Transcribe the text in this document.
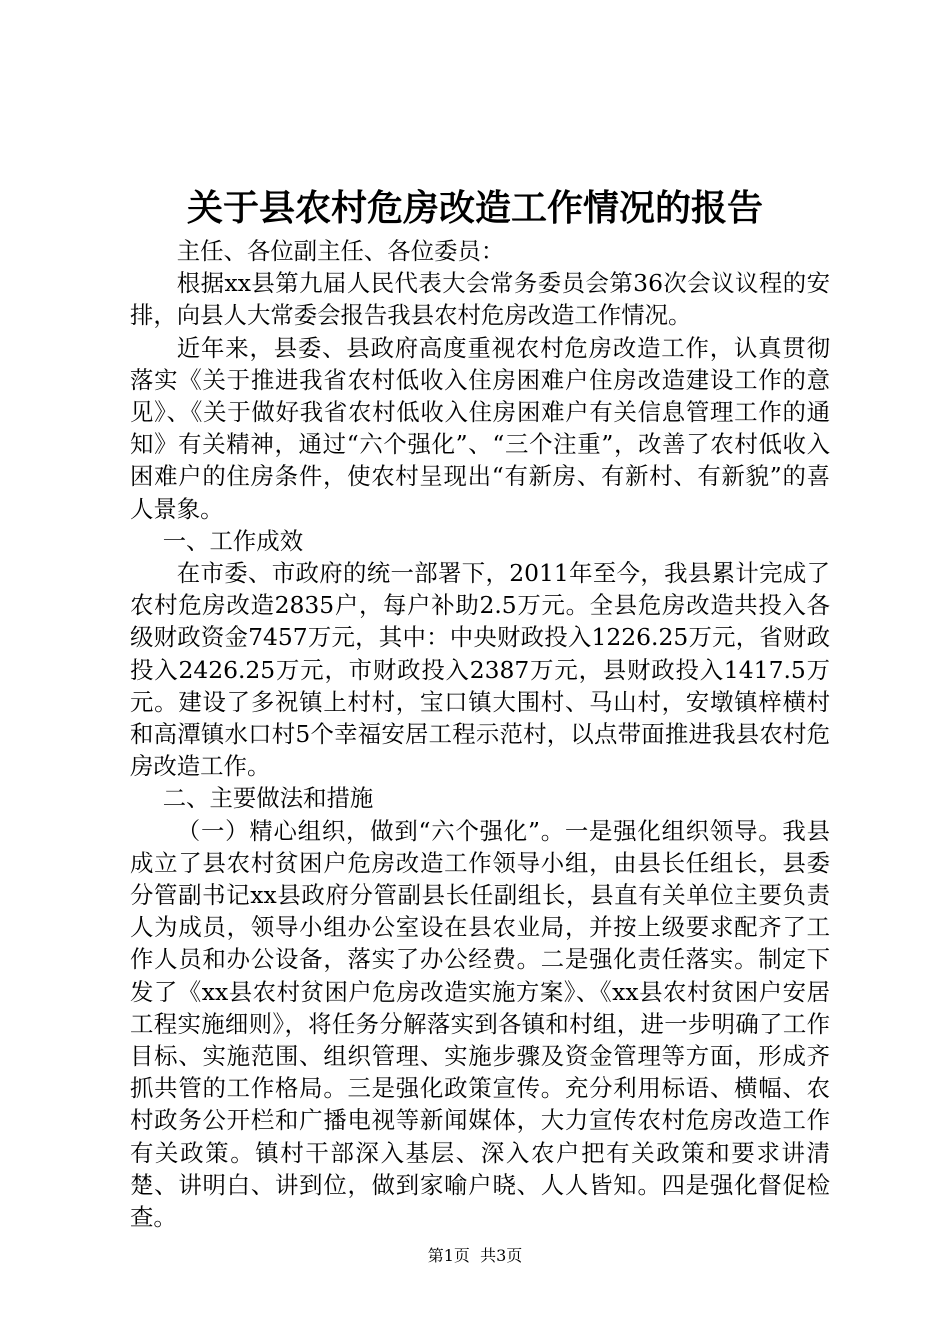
关于县农村危房改造工作情况的报告

主任、各位副主任、各位委员：

根据xx县第九届人民代表大会常务委员会第36次会议议程的安排，向县人大常委会报告我县农村危房改造工作情况。

近年来，县委、县政府高度重视农村危房改造工作，认真贯彻落实《关于推进我省农村低收入住房困难户住房改造建设工作的意见》、《关于做好我省农村低收入住房困难户有关信息管理工作的通知》有关精神，通过“六个强化”、“三个注重”，改善了农村低收入困难户的住房条件，使农村呈现出“有新房、有新村、有新貌”的喜人景象。

一、工作成效

在市委、市政府的统一部署下，2011年至今，我县累计完成了农村危房改造2835户，每户补助2.5万元。全县危房改造共投入各级财政资金7457万元，其中：中央财政投入1226.25万元，省财政投入2426.25万元，市财政投入2387万元，县财政投入1417.5万元。建设了多祝镇上村村，宝口镇大围村、马山村，安墩镇梓横村和高潭镇水口村5个幸福安居工程示范村，以点带面推进我县农村危房改造工作。

二、主要做法和措施

（一）精心组织，做到“六个强化”。一是强化组织领导。我县成立了县农村贫困户危房改造工作领导小组，由县长任组长，县委分管副书记xx县政府分管副县长任副组长，县直有关单位主要负责人为成员，领导小组办公室设在县农业局，并按上级要求配齐了工作人员和办公设备，落实了办公经费。二是强化责任落实。制定下发了《xx县农村贫困户危房改造实施方案》、《xx县农村贫困户安居工程实施细则》，将任务分解落实到各镇和村组，进一步明确了工作目标、实施范围、组织管理、实施步骤及资金管理等方面，形成齐抓共管的工作格局。三是强化政策宣传。充分利用标语、横幅、农村政务公开栏和广播电视等新闻媒体，大力宣传农村危房改造工作有关政策。镇村干部深入基层、深入农户把有关政策和要求讲清楚、讲明白、讲到位，做到家喻户晓、人人皆知。四是强化督促检查。

第1页 共3页
